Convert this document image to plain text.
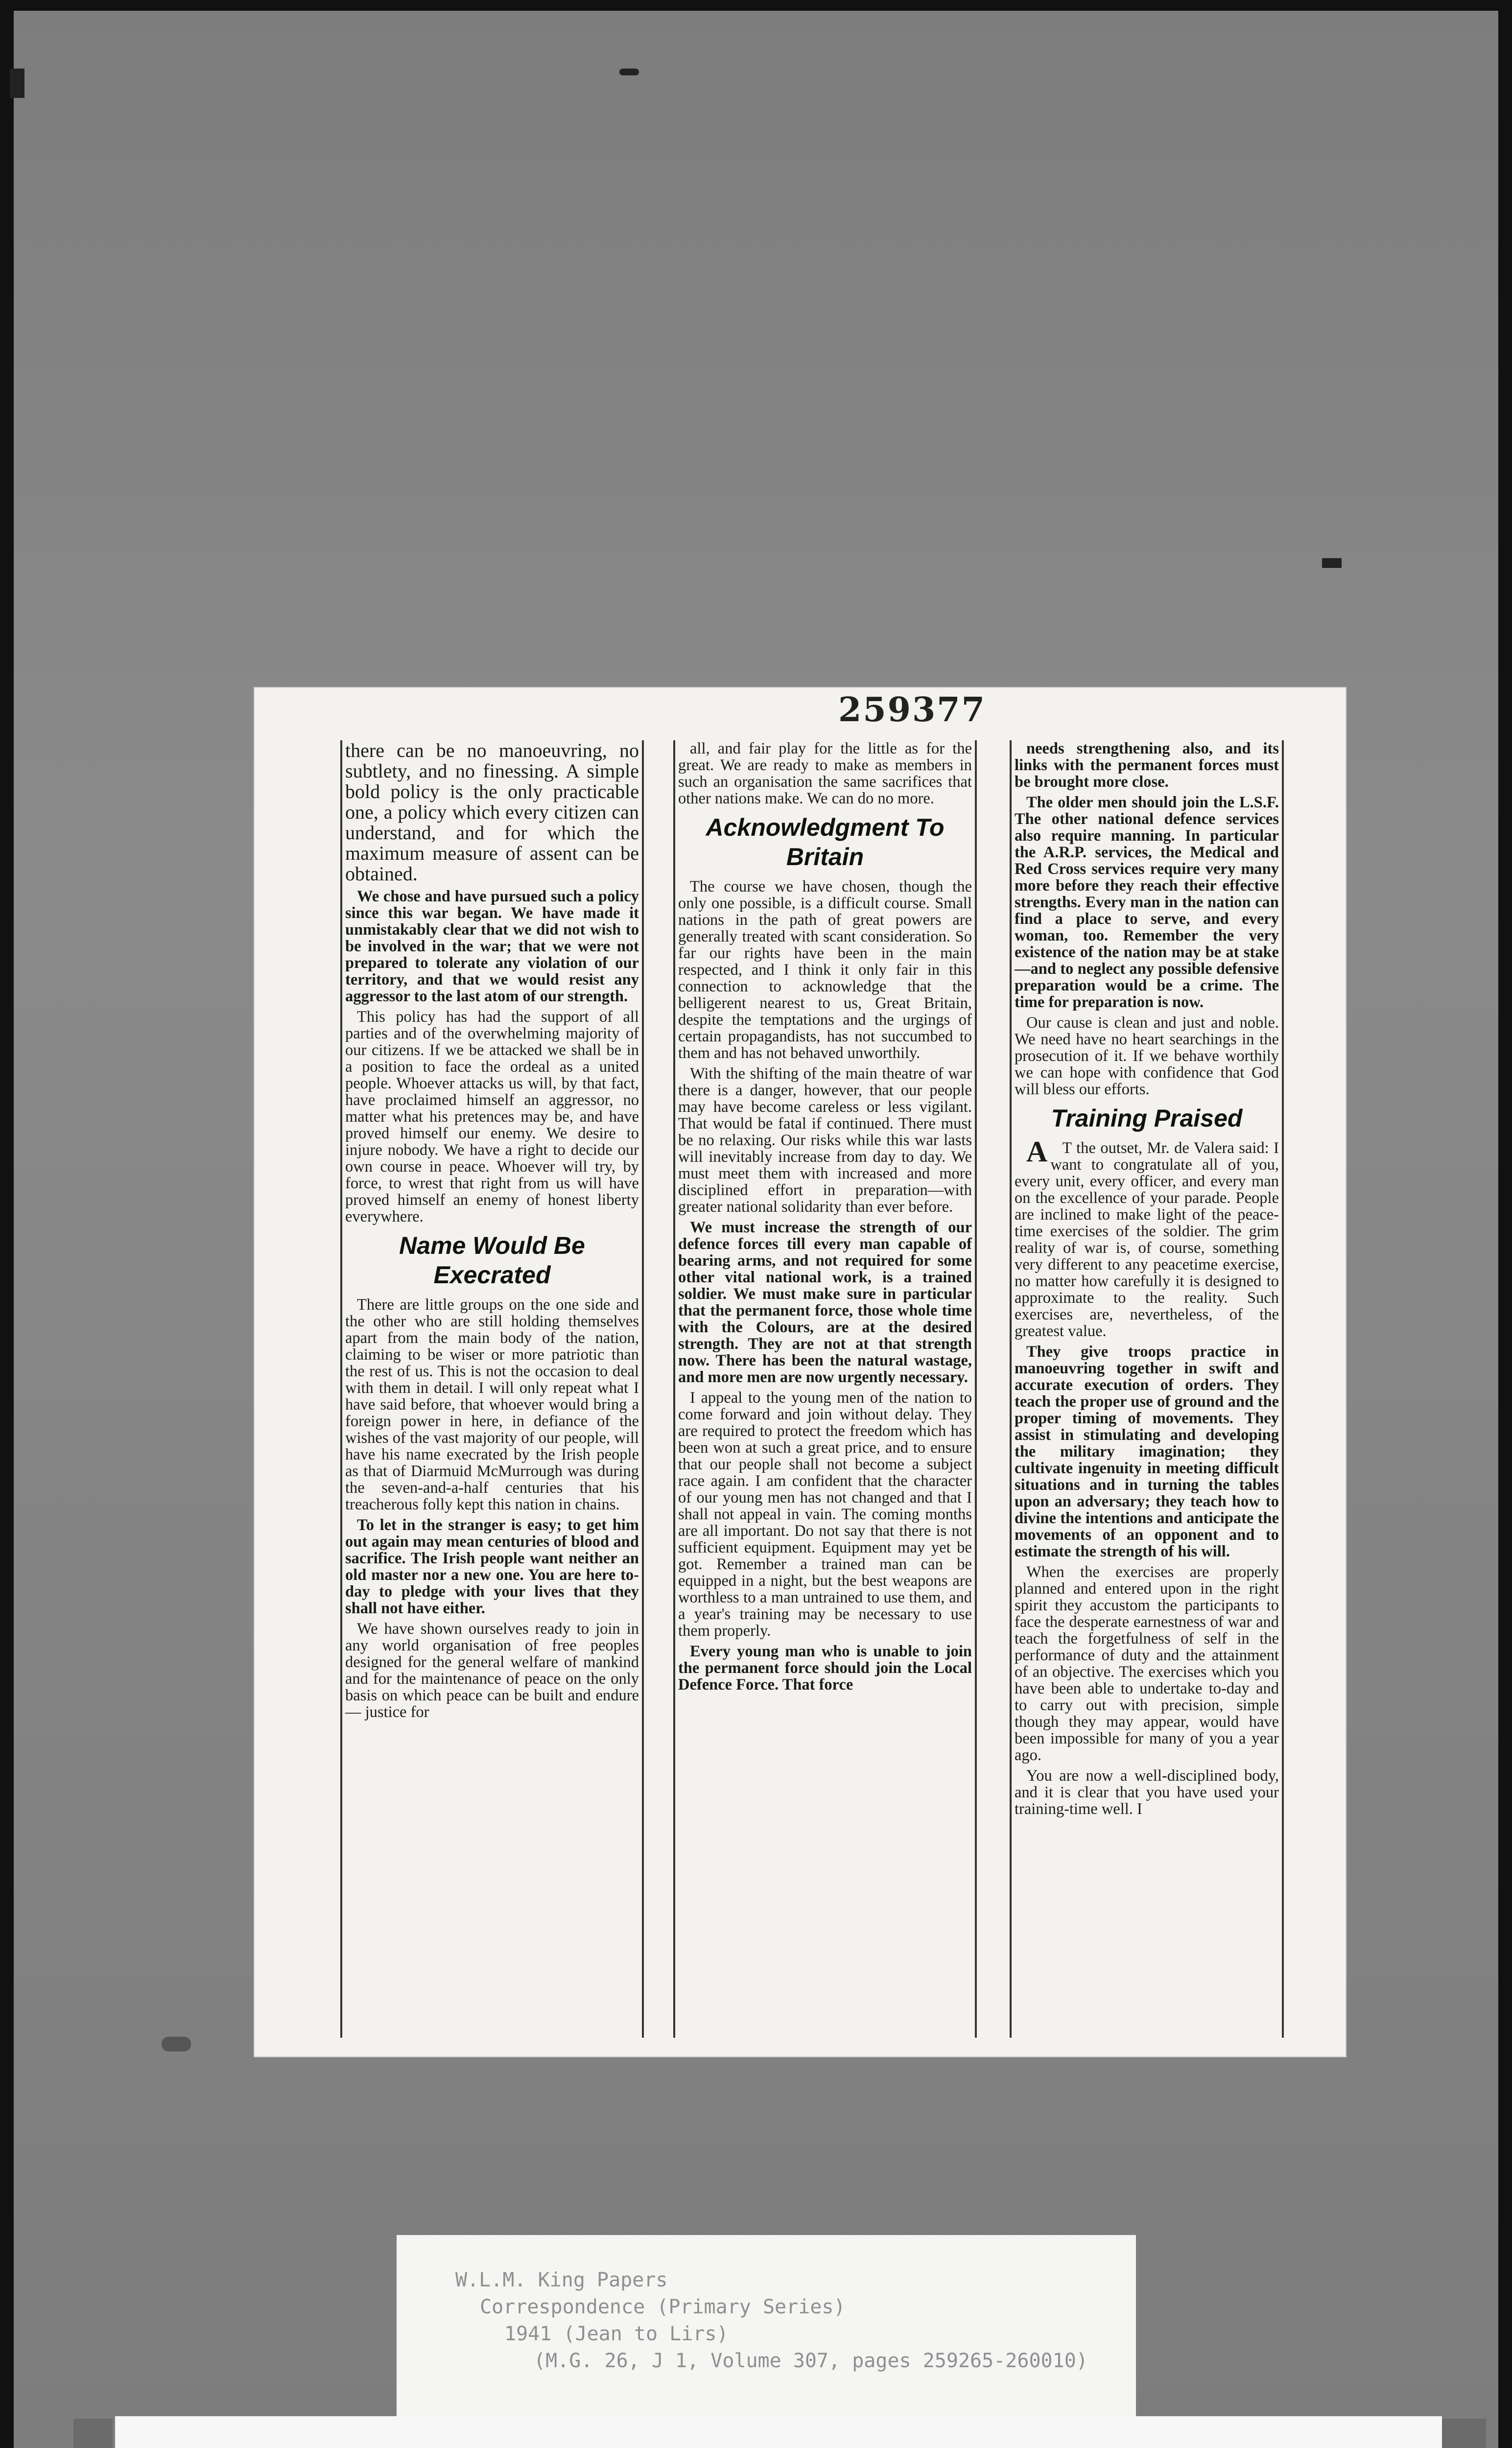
259377

there can be no manoeuvring, no subtlety, and no finessing. A simple bold policy is the only practicable one, a policy which every citizen can understand, and for which the maximum measure of assent can be obtained.

We chose and have pursued such a policy since this war began. We have made it unmistakably clear that we did not wish to be involved in the war; that we were not prepared to tolerate any violation of our territory, and that we would resist any aggressor to the last atom of our strength.

This policy has had the support of all parties and of the overwhelming majority of our citizens. If we be attacked we shall be in a position to face the ordeal as a united people. Whoever attacks us will, by that fact, have proclaimed himself an aggressor, no matter what his pretences may be, and have proved himself our enemy. We desire to injure nobody. We have a right to decide our own course in peace. Whoever will try, by force, to wrest that right from us will have proved himself an enemy of honest liberty everywhere.

Name Would Be Execrated

There are little groups on the one side and the other who are still holding themselves apart from the main body of the nation, claiming to be wiser or more patriotic than the rest of us. This is not the occasion to deal with them in detail. I will only repeat what I have said before, that whoever would bring a foreign power in here, in defiance of the wishes of the vast majority of our people, will have his name execrated by the Irish people as that of Diarmuid McMurrough was during the seven-and-a-half centuries that his treacherous folly kept this nation in chains.

To let in the stranger is easy; to get him out again may mean centuries of blood and sacrifice. The Irish people want neither an old master nor a new one. You are here to-day to pledge with your lives that they shall not have either.

We have shown ourselves ready to join in any world organisation of free peoples designed for the general welfare of mankind and for the maintenance of peace on the only basis on which peace can be built and endure — justice for

all, and fair play for the little as for the great. We are ready to make as members in such an organisation the same sacrifices that other nations make. We can do no more.

Acknowledgment To Britain

The course we have chosen, though the only one possible, is a difficult course. Small nations in the path of great powers are generally treated with scant consideration. So far our rights have been in the main respected, and I think it only fair in this connection to acknowledge that the belligerent nearest to us, Great Britain, despite the temptations and the urgings of certain propagandists, has not succumbed to them and has not behaved unworthily.

With the shifting of the main theatre of war there is a danger, however, that our people may have become careless or less vigilant. That would be fatal if continued. There must be no relaxing. Our risks while this war lasts will inevitably increase from day to day. We must meet them with increased and more disciplined effort in preparation—with greater national solidarity than ever before.

We must increase the strength of our defence forces till every man capable of bearing arms, and not required for some other vital national work, is a trained soldier. We must make sure in particular that the permanent force, those whole time with the Colours, are at the desired strength. They are not at that strength now. There has been the natural wastage, and more men are now urgently necessary.

I appeal to the young men of the nation to come forward and join without delay. They are required to protect the freedom which has been won at such a great price, and to ensure that our people shall not become a subject race again. I am confident that the character of our young men has not changed and that I shall not appeal in vain. The coming months are all important. Do not say that there is not sufficient equipment. Equipment may yet be got. Remember a trained man can be equipped in a night, but the best weapons are worthless to a man untrained to use them, and a year's training may be necessary to use them properly.

Every young man who is unable to join the permanent force should join the Local Defence Force. That force

needs strengthening also, and its links with the permanent forces must be brought more close.

The older men should join the L.S.F. The other national defence services also require manning. In particular the A.R.P. services, the Medical and Red Cross services require very many more before they reach their effective strengths. Every man in the nation can find a place to serve, and every woman, too. Remember the very existence of the nation may be at stake—and to neglect any possible defensive preparation would be a crime. The time for preparation is now.

Our cause is clean and just and noble. We need have no heart searchings in the prosecution of it. If we behave worthily we can hope with confidence that God will bless our efforts.

Training Praised

AT the outset, Mr. de Valera said: I want to congratulate all of you, every unit, every officer, and every man on the excellence of your parade. People are inclined to make light of the peace-time exercises of the soldier. The grim reality of war is, of course, something very different to any peacetime exercise, no matter how carefully it is designed to approximate to the reality. Such exercises are, nevertheless, of the greatest value.

They give troops practice in manoeuvring together in swift and accurate execution of orders. They teach the proper use of ground and the proper timing of movements. They assist in stimulating and developing the military imagination; they cultivate ingenuity in meeting difficult situations and in turning the tables upon an adversary; they teach how to divine the intentions and anticipate the movements of an opponent and to estimate the strength of his will.

When the exercises are properly planned and entered upon in the right spirit they accustom the participants to face the desperate earnestness of war and teach the forgetfulness of self in the performance of duty and the attainment of an objective. The exercises which you have been able to undertake to-day and to carry out with precision, simple though they may appear, would have been impossible for many of you a year ago.

You are now a well-disciplined body, and it is clear that you have used your training-time well. I

W.L.M. King Papers
Correspondence (Primary Series)
1941 (Jean to Lirs)
(M.G. 26, J 1, Volume 307, pages 259265-260010)
